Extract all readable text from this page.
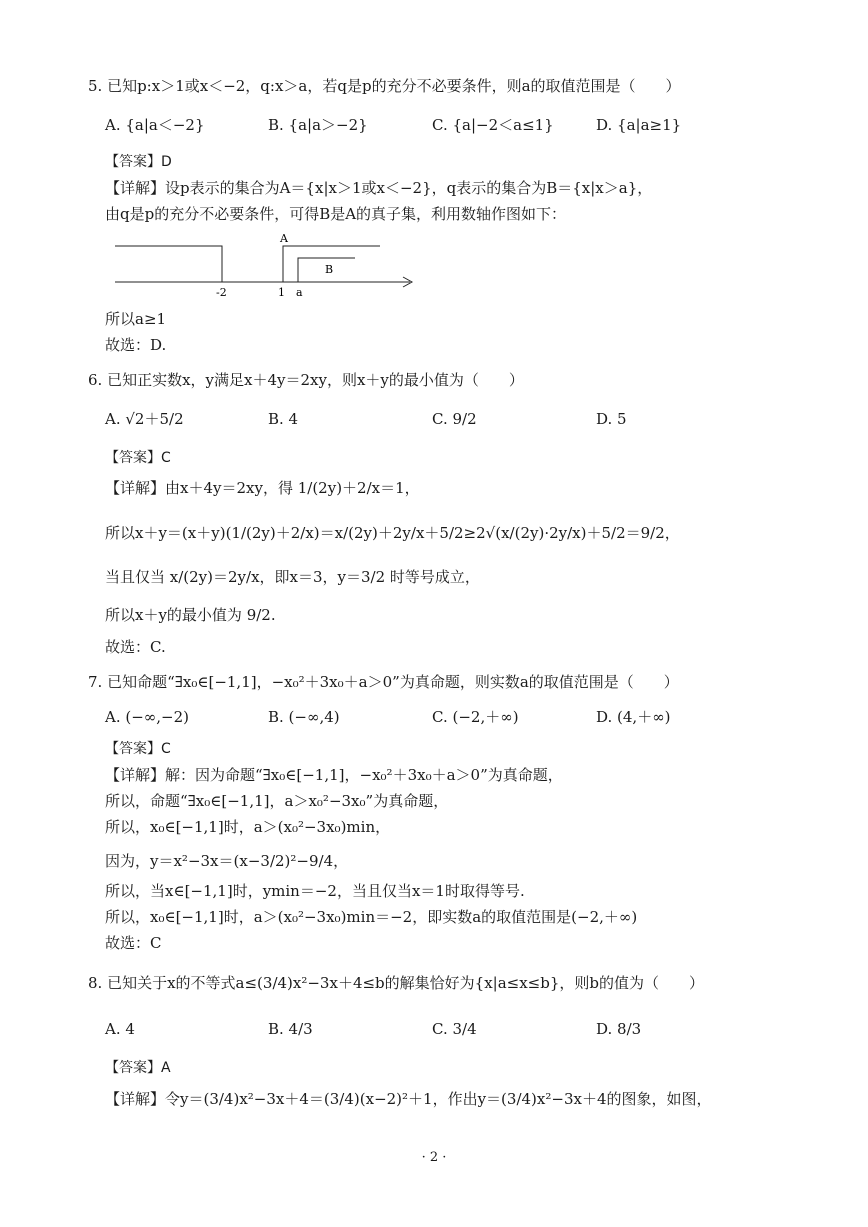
5. 已知p:x＞1或x＜−2，q:x＞a，若q是p的充分不必要条件，则a的取值范围是（　　）
A. {a|a＜−2}	B. {a|a＞−2}	C. {a|−2＜a≤1}	D. {a|a≥1}
【答案】D
【详解】设p表示的集合为A＝{x|x＞1或x＜−2}，q表示的集合为B＝{x|x＞a}，
由q是p的充分不必要条件，可得B是A的真子集，利用数轴作图如下：
A
B
-2	1 a
所以a≥1
故选：D.
6. 已知正实数x，y满足x＋4y＝2xy，则x＋y的最小值为（　　）
A. √2＋5/2	B. 4	C. 9/2	D. 5
【答案】C
【详解】由x＋4y＝2xy，得 1/(2y)＋2/x＝1，
所以x＋y＝(x＋y)(1/(2y)＋2/x)＝x/(2y)＋2y/x＋5/2≥2√(x/(2y)·2y/x)＋5/2＝9/2，
当且仅当 x/(2y)＝2y/x，即x＝3，y＝3/2 时等号成立，
所以x＋y的最小值为 9/2.
故选：C.
7. 已知命题“∃x₀∈[−1,1]，−x₀²＋3x₀＋a＞0”为真命题，则实数a的取值范围是（　　）
A. (−∞,−2)	B. (−∞,4)	C. (−2,＋∞)	D. (4,＋∞)
【答案】C
【详解】解：因为命题“∃x₀∈[−1,1]，−x₀²＋3x₀＋a＞0”为真命题，
所以，命题“∃x₀∈[−1,1]，a＞x₀²−3x₀”为真命题，
所以，x₀∈[−1,1]时，a＞(x₀²−3x₀)min，
因为，y＝x²−3x＝(x−3/2)²−9/4，
所以，当x∈[−1,1]时，ymin＝−2，当且仅当x＝1时取得等号.
所以，x₀∈[−1,1]时，a＞(x₀²−3x₀)min＝−2，即实数a的取值范围是(−2,＋∞)
故选：C
8. 已知关于x的不等式a≤(3/4)x²−3x＋4≤b的解集恰好为{x|a≤x≤b}，则b的值为（　　）
A. 4	B. 4/3	C. 3/4	D. 8/3
【答案】A
【详解】令y＝(3/4)x²−3x＋4＝(3/4)(x−2)²＋1，作出y＝(3/4)x²−3x＋4的图象，如图，
· 2 ·
